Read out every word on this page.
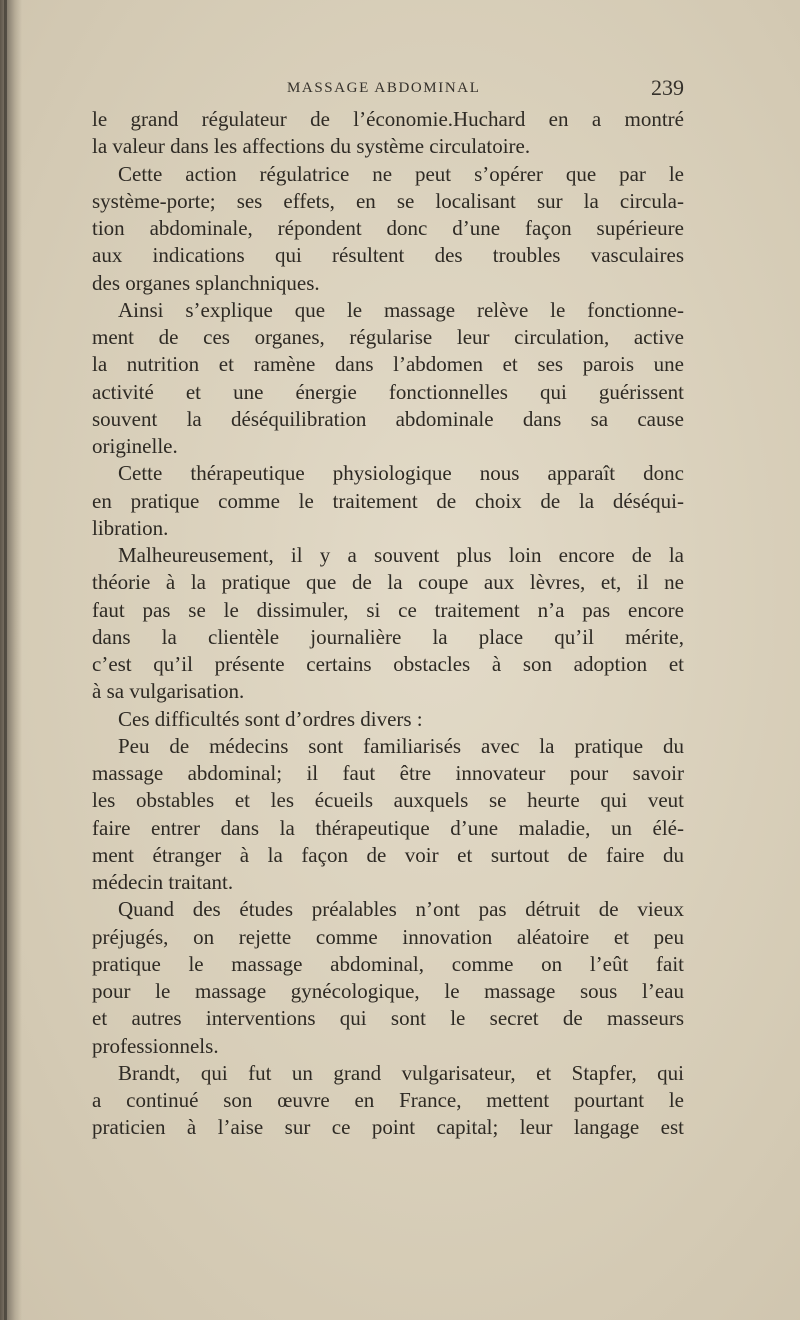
MASSAGE ABDOMINAL	239
le grand régulateur de l’économie.Huchard en a montré
la valeur dans les affections du système circulatoire.
Cette action régulatrice ne peut s’opérer que par le
système-porte; ses effets, en se localisant sur la circula-
tion abdominale, répondent donc d’une façon supérieure
aux indications qui résultent des troubles vasculaires
des organes splanchniques.
Ainsi s’explique que le massage relève le fonctionne-
ment de ces organes, régularise leur circulation, active
la nutrition et ramène dans l’abdomen et ses parois une
activité et une énergie fonctionnelles qui guérissent
souvent la déséquilibration abdominale dans sa cause
originelle.
Cette thérapeutique physiologique nous apparaît donc
en pratique comme le traitement de choix de la déséqui-
libration.
Malheureusement, il y a souvent plus loin encore de la
théorie à la pratique que de la coupe aux lèvres, et, il ne
faut pas se le dissimuler, si ce traitement n’a pas encore
dans la clientèle journalière la place qu’il mérite,
c’est qu’il présente certains obstacles à son adoption et
à sa vulgarisation.
Ces difficultés sont d’ordres divers :
Peu de médecins sont familiarisés avec la pratique du
massage abdominal; il faut être innovateur pour savoir
les obstables et les écueils auxquels se heurte qui veut
faire entrer dans la thérapeutique d’une maladie, un élé-
ment étranger à la façon de voir et surtout de faire du
médecin traitant.
Quand des études préalables n’ont pas détruit de vieux
préjugés, on rejette comme innovation aléatoire et peu
pratique le massage abdominal, comme on l’eût fait
pour le massage gynécologique, le massage sous l’eau
et autres interventions qui sont le secret de masseurs
professionnels.
Brandt, qui fut un grand vulgarisateur, et Stapfer, qui
a continué son œuvre en France, mettent pourtant le
praticien à l’aise sur ce point capital; leur langage est
